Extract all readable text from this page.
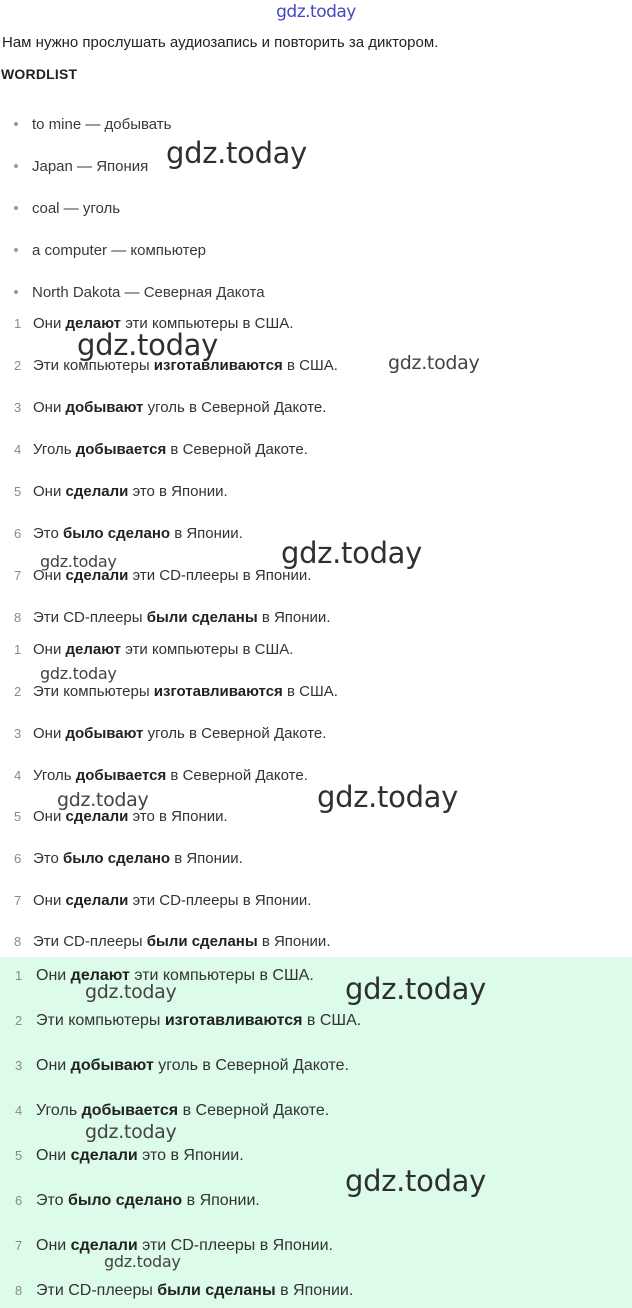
gdz.today
Нам нужно прослушать аудиозапись и повторить за диктором.
WORDLIST
to mine — добывать
Japan — Япония
coal — уголь
a computer — компьютер
North Dakota — Северная Дакота
1 Они делают эти компьютеры в США.
2 Эти компьютеры изготавливаются в США.
3 Они добывают уголь в Северной Дакоте.
4 Уголь добывается в Северной Дакоте.
5 Они сделали это в Японии.
6 Это было сделано в Японии.
7 Они сделали эти CD-плееры в Японии.
8 Эти CD-плееры были сделаны в Японии.
1 Они делают эти компьютеры в США.
2 Эти компьютеры изготавливаются в США.
3 Они добывают уголь в Северной Дакоте.
4 Уголь добывается в Северной Дакоте.
5 Они сделали это в Японии.
6 Это было сделано в Японии.
7 Они сделали эти CD-плееры в Японии.
8 Эти CD-плееры были сделаны в Японии.
1 Они делают эти компьютеры в США.
2 Эти компьютеры изготавливаются в США.
3 Они добывают уголь в Северной Дакоте.
4 Уголь добывается в Северной Дакоте.
5 Они сделали это в Японии.
6 Это было сделано в Японии.
7 Они сделали эти CD-плееры в Японии.
8 Эти CD-плееры были сделаны в Японии.
gdz.today
gdz.today
gdz.today
gdz.today
gdz.today
gdz.today
gdz.today	gdz.today
gdz.today
gdz.today
gdz.today
gdz.today
gdz.today
